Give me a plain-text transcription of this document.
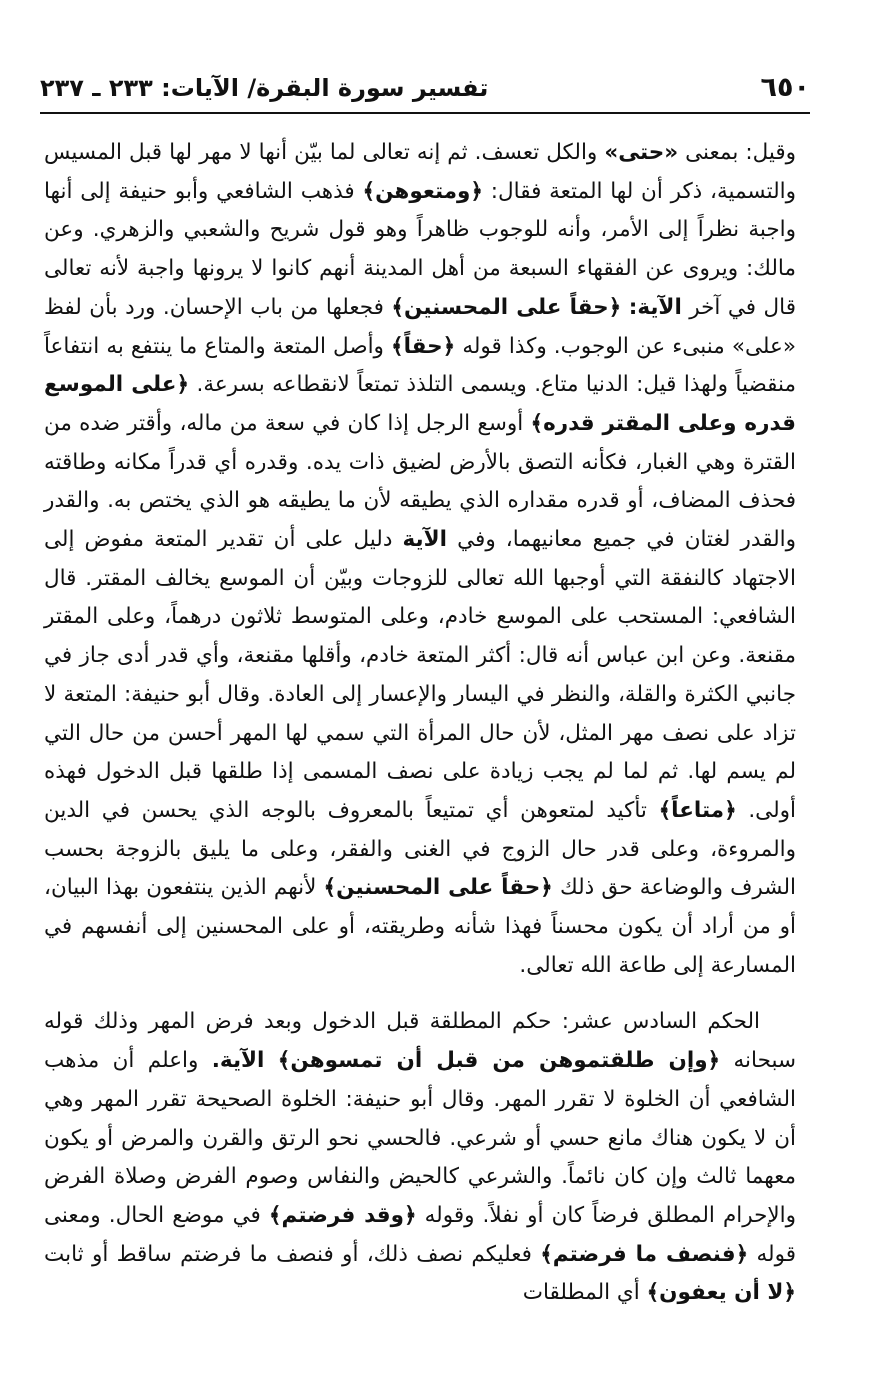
٦٥٠
تفسير سورة البقرة/ الآيات: ٢٣٣ ـ ٢٣٧

وقيل: بمعنى «حتى» والكل تعسف. ثم إنه تعالى لما بيّن أنها لا مهر لها قبل المسيس والتسمية، ذكر أن لها المتعة فقال: ﴿ومتعوهن﴾ فذهب الشافعي وأبو حنيفة إلى أنها واجبة نظراً إلى الأمر، وأنه للوجوب ظاهراً وهو قول شريح والشعبي والزهري. وعن مالك: ويروى عن الفقهاء السبعة من أهل المدينة أنهم كانوا لا يرونها واجبة لأنه تعالى قال في آخر الآية: ﴿حقاً على المحسنين﴾ فجعلها من باب الإحسان. ورد بأن لفظ «على» منبىء عن الوجوب. وكذا قوله ﴿حقاً﴾ وأصل المتعة والمتاع ما ينتفع به انتفاعاً منقضياً ولهذا قيل: الدنيا متاع. ويسمى التلذذ تمتعاً لانقطاعه بسرعة. ﴿على الموسع قدره وعلى المقتر قدره﴾ أوسع الرجل إذا كان في سعة من ماله، وأقتر ضده من القترة وهي الغبار، فكأنه التصق بالأرض لضيق ذات يده. وقدره أي قدراً مكانه وطاقته فحذف المضاف، أو قدره مقداره الذي يطيقه لأن ما يطيقه هو الذي يختص به. والقدر والقدر لغتان في جميع معانيهما، وفي الآية دليل على أن تقدير المتعة مفوض إلى الاجتهاد كالنفقة التي أوجبها الله تعالى للزوجات وبيّن أن الموسع يخالف المقتر. قال الشافعي: المستحب على الموسع خادم، وعلى المتوسط ثلاثون درهماً، وعلى المقتر مقنعة. وعن ابن عباس أنه قال: أكثر المتعة خادم، وأقلها مقنعة، وأي قدر أدى جاز في جانبي الكثرة والقلة، والنظر في اليسار والإعسار إلى العادة. وقال أبو حنيفة: المتعة لا تزاد على نصف مهر المثل، لأن حال المرأة التي سمي لها المهر أحسن من حال التي لم يسم لها. ثم لما لم يجب زيادة على نصف المسمى إذا طلقها قبل الدخول فهذه أولى. ﴿متاعاً﴾ تأكيد لمتعوهن أي تمتيعاً بالمعروف بالوجه الذي يحسن في الدين والمروءة، وعلى قدر حال الزوج في الغنى والفقر، وعلى ما يليق بالزوجة بحسب الشرف والوضاعة حق ذلك ﴿حقاً على المحسنين﴾ لأنهم الذين ينتفعون بهذا البيان، أو من أراد أن يكون محسناً فهذا شأنه وطريقته، أو على المحسنين إلى أنفسهم في المسارعة إلى طاعة الله تعالى.

الحكم السادس عشر: حكم المطلقة قبل الدخول وبعد فرض المهر وذلك قوله سبحانه ﴿وإن طلقتموهن من قبل أن تمسوهن﴾ الآية. واعلم أن مذهب الشافعي أن الخلوة لا تقرر المهر. وقال أبو حنيفة: الخلوة الصحيحة تقرر المهر وهي أن لا يكون هناك مانع حسي أو شرعي. فالحسي نحو الرتق والقرن والمرض أو يكون معهما ثالث وإن كان نائماً. والشرعي كالحيض والنفاس وصوم الفرض وصلاة الفرض والإحرام المطلق فرضاً كان أو نفلاً. وقوله ﴿وقد فرضتم﴾ في موضع الحال. ومعنى قوله ﴿فنصف ما فرضتم﴾ فعليكم نصف ذلك، أو فنصف ما فرضتم ساقط أو ثابت ﴿لا أن يعفون﴾ أي المطلقات
